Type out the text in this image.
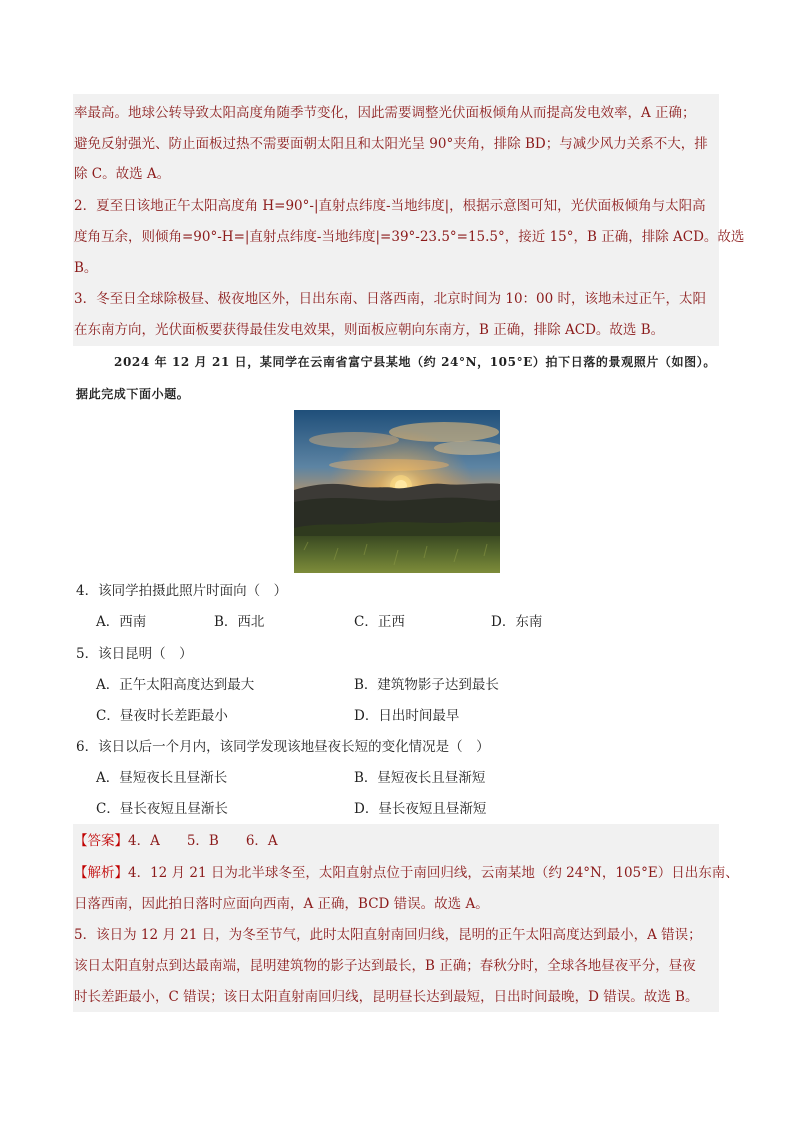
率最高。地球公转导致太阳高度角随季节变化，因此需要调整光伏面板倾角从而提高发电效率，A 正确；
避免反射强光、防止面板过热不需要面朝太阳且和太阳光呈 90°夹角，排除 BD；与减少风力关系不大，排
除 C。故选 A。
2．夏至日该地正午太阳高度角 H=90°-|直射点纬度-当地纬度|，根据示意图可知，光伏面板倾角与太阳高
度角互余，则倾角=90°-H=|直射点纬度-当地纬度|=39°-23.5°=15.5°，接近 15°，B 正确，排除 ACD。故选
B。
3．冬至日全球除极昼、极夜地区外，日出东南、日落西南，北京时间为 10：00 时，该地未过正午，太阳
在东南方向，光伏面板要获得最佳发电效果，则面板应朝向东南方，B 正确，排除 ACD。故选 B。
2024 年 12 月 21 日，某同学在云南省富宁县某地（约 24°N，105°E）拍下日落的景观照片（如图）。
据此完成下面小题。
4．该同学拍摄此照片时面向（　）
A．西南	B．西北	C．正西	D．东南
5．该日昆明（　）
A．正午太阳高度达到最大	B．建筑物影子达到最长
C．昼夜时长差距最小	D．日出时间最早
6．该日以后一个月内，该同学发现该地昼夜长短的变化情况是（　）
A．昼短夜长且昼渐长	B．昼短夜长且昼渐短
C．昼长夜短且昼渐长	D．昼长夜短且昼渐短
【答案】4．A　　5．B　　6．A
【解析】4．12 月 21 日为北半球冬至，太阳直射点位于南回归线，云南某地（约 24°N，105°E）日出东南、
日落西南，因此拍日落时应面向西南，A 正确，BCD 错误。故选 A。
5．该日为 12 月 21 日，为冬至节气，此时太阳直射南回归线，昆明的正午太阳高度达到最小，A 错误；
该日太阳直射点到达最南端，昆明建筑物的影子达到最长，B 正确；春秋分时，全球各地昼夜平分，昼夜
时长差距最小，C 错误；该日太阳直射南回归线，昆明昼长达到最短，日出时间最晚，D 错误。故选 B。
